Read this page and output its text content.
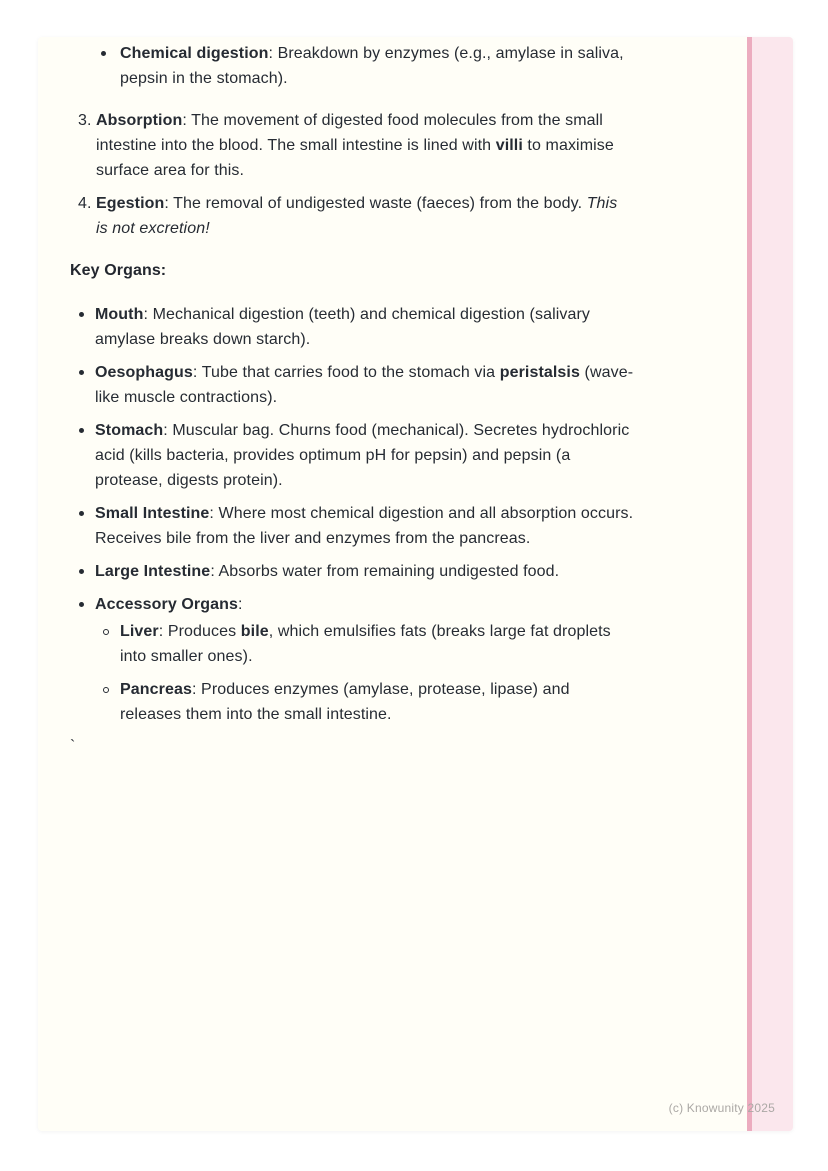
Chemical digestion: Breakdown by enzymes (e.g., amylase in saliva, pepsin in the stomach).
3. Absorption: The movement of digested food molecules from the small intestine into the blood. The small intestine is lined with villi to maximise surface area for this.
4. Egestion: The removal of undigested waste (faeces) from the body. This is not excretion!
Key Organs:
Mouth: Mechanical digestion (teeth) and chemical digestion (salivary amylase breaks down starch).
Oesophagus: Tube that carries food to the stomach via peristalsis (wave-like muscle contractions).
Stomach: Muscular bag. Churns food (mechanical). Secretes hydrochloric acid (kills bacteria, provides optimum pH for pepsin) and pepsin (a protease, digests protein).
Small Intestine: Where most chemical digestion and all absorption occurs. Receives bile from the liver and enzymes from the pancreas.
Large Intestine: Absorbs water from remaining undigested food.
Accessory Organs:
Liver: Produces bile, which emulsifies fats (breaks large fat droplets into smaller ones).
Pancreas: Produces enzymes (amylase, protease, lipase) and releases them into the small intestine.
`
(c) Knowunity 2025
